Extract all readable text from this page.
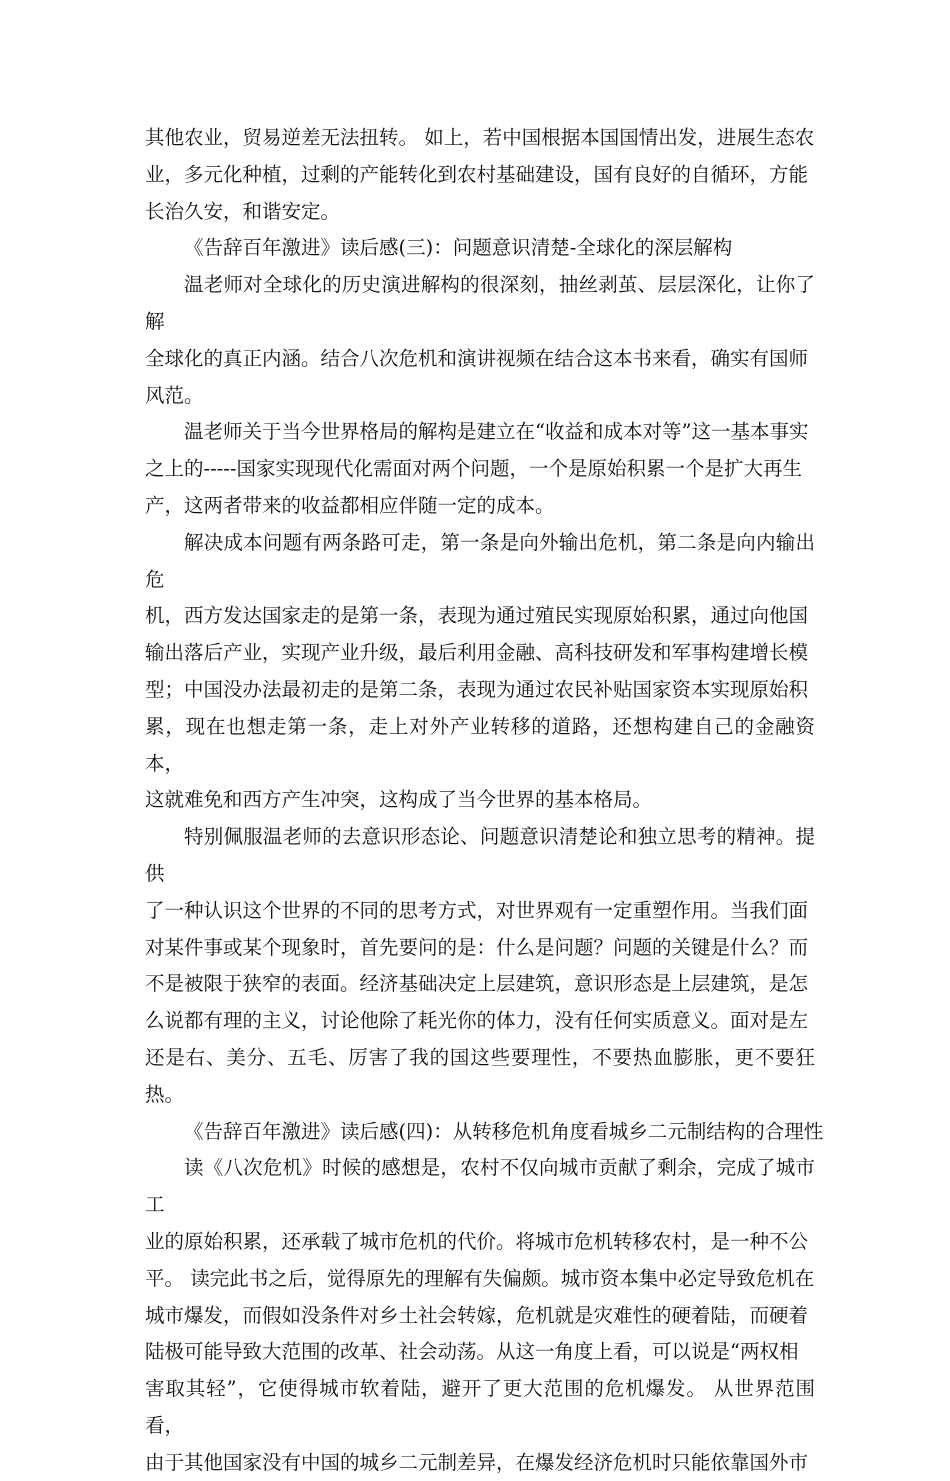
其他农业，贸易逆差无法扭转。 如上，若中国根据本国国情出发，进展生态农
业，多元化种植，过剩的产能转化到农村基础建设，国有良好的自循环，方能
长治久安，和谐安定。

《告辞百年激进》读后感(三)：问题意识清楚-全球化的深层解构

温老师对全球化的历史演进解构的很深刻，抽丝剥茧、层层深化，让你了解
全球化的真正内涵。结合八次危机和演讲视频在结合这本书来看，确实有国师
风范。

温老师关于当今世界格局的解构是建立在“收益和成本对等”这一基本事实
之上的-----国家实现现代化需面对两个问题，一个是原始积累一个是扩大再生
产，这两者带来的收益都相应伴随一定的成本。

解决成本问题有两条路可走，第一条是向外输出危机，第二条是向内输出危
机，西方发达国家走的是第一条，表现为通过殖民实现原始积累，通过向他国
输出落后产业，实现产业升级，最后利用金融、高科技研发和军事构建增长模
型；中国没办法最初走的是第二条，表现为通过农民补贴国家资本实现原始积
累，现在也想走第一条，走上对外产业转移的道路，还想构建自己的金融资本，
这就难免和西方产生冲突，这构成了当今世界的基本格局。

特别佩服温老师的去意识形态论、问题意识清楚论和独立思考的精神。提供
了一种认识这个世界的不同的思考方式，对世界观有一定重塑作用。当我们面
对某件事或某个现象时，首先要问的是：什么是问题？问题的关键是什么？而
不是被限于狭窄的表面。经济基础决定上层建筑，意识形态是上层建筑，是怎
么说都有理的主义，讨论他除了耗光你的体力，没有任何实质意义。面对是左
还是右、美分、五毛、厉害了我的国这些要理性，不要热血膨胀，更不要狂热。

《告辞百年激进》读后感(四)：从转移危机角度看城乡二元制结构的合理性

读《八次危机》时候的感想是，农村不仅向城市贡献了剩余，完成了城市工
业的原始积累，还承载了城市危机的代价。将城市危机转移农村，是一种不公
平。 读完此书之后，觉得原先的理解有失偏颇。城市资本集中必定导致危机在
城市爆发，而假如没条件对乡土社会转嫁，危机就是灾难性的硬着陆，而硬着
陆极可能导致大范围的改革、社会动荡。从这一角度上看，可以说是“两权相
害取其轻”，它使得城市软着陆，避开了更大范围的危机爆发。 从世界范围看，
由于其他国家没有中国的城乡二元制差异，在爆发经济危机时只能依靠国外市
